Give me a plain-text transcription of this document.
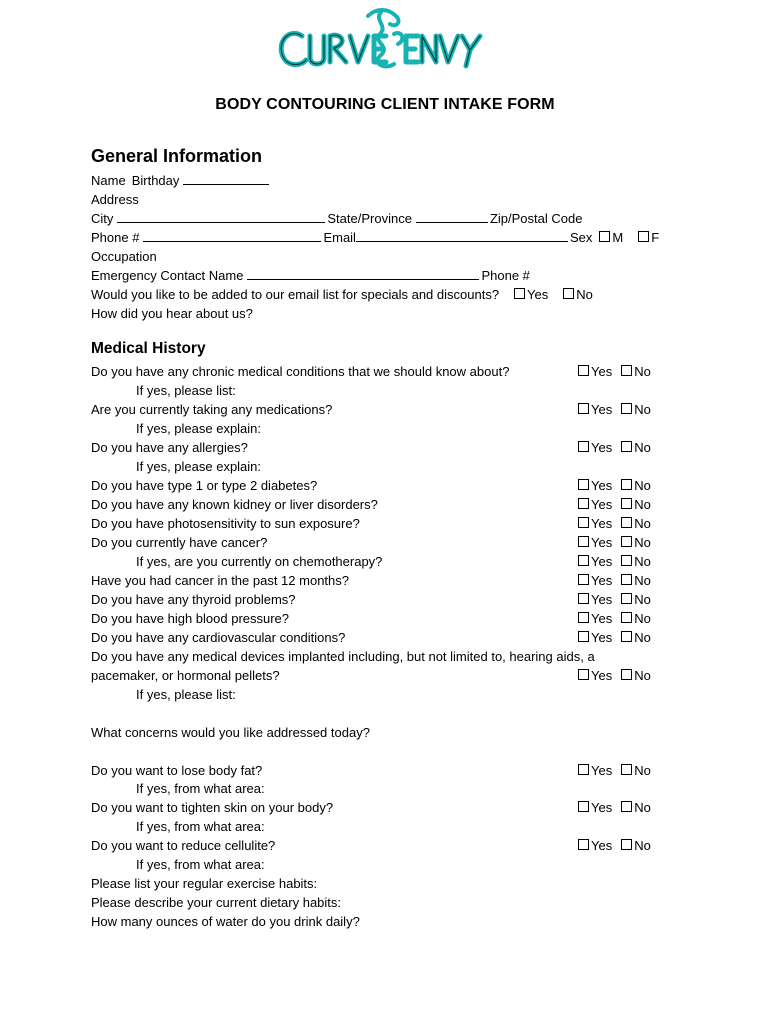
BODY CONTOURING CLIENT INTAKE FORM
General Information
Name Birthday
Address
City	State/Province	Zip/Postal Code
Phone #	Email	Sex	M	F
Occupation
Emergency Contact Name	Phone #
Would you like to be added to our email list for specials and discounts?	Yes	No
How did you hear about us?
Medical History
Do you have any chronic medical conditions that we should know about?	Yes	No
If yes, please list:
Are you currently taking any medications?	Yes	No
If yes, please explain:
Do you have any allergies?	Yes	No
If yes, please explain:
Do you have type 1 or type 2 diabetes?	Yes	No
Do you have any known kidney or liver disorders?	Yes	No
Do you have photosensitivity to sun exposure?	Yes	No
Do you currently have cancer?	Yes	No
If yes, are you currently on chemotherapy?	Yes	No
Have you had cancer in the past 12 months?	Yes	No
Do you have any thyroid problems?	Yes	No
Do you have high blood pressure?	Yes	No
Do you have any cardiovascular conditions?	Yes	No
Do you have any medical devices implanted including, but not limited to, hearing aids, a
pacemaker, or hormonal pellets?	Yes	No
If yes, please list:
What concerns would you like addressed today?
Do you want to lose body fat?	Yes	No
If yes, from what area:
Do you want to tighten skin on your body?	Yes	No
If yes, from what area:
Do you want to reduce cellulite?	Yes	No
If yes, from what area:
Please list your regular exercise habits:
Please describe your current dietary habits:
How many ounces of water do you drink daily?
